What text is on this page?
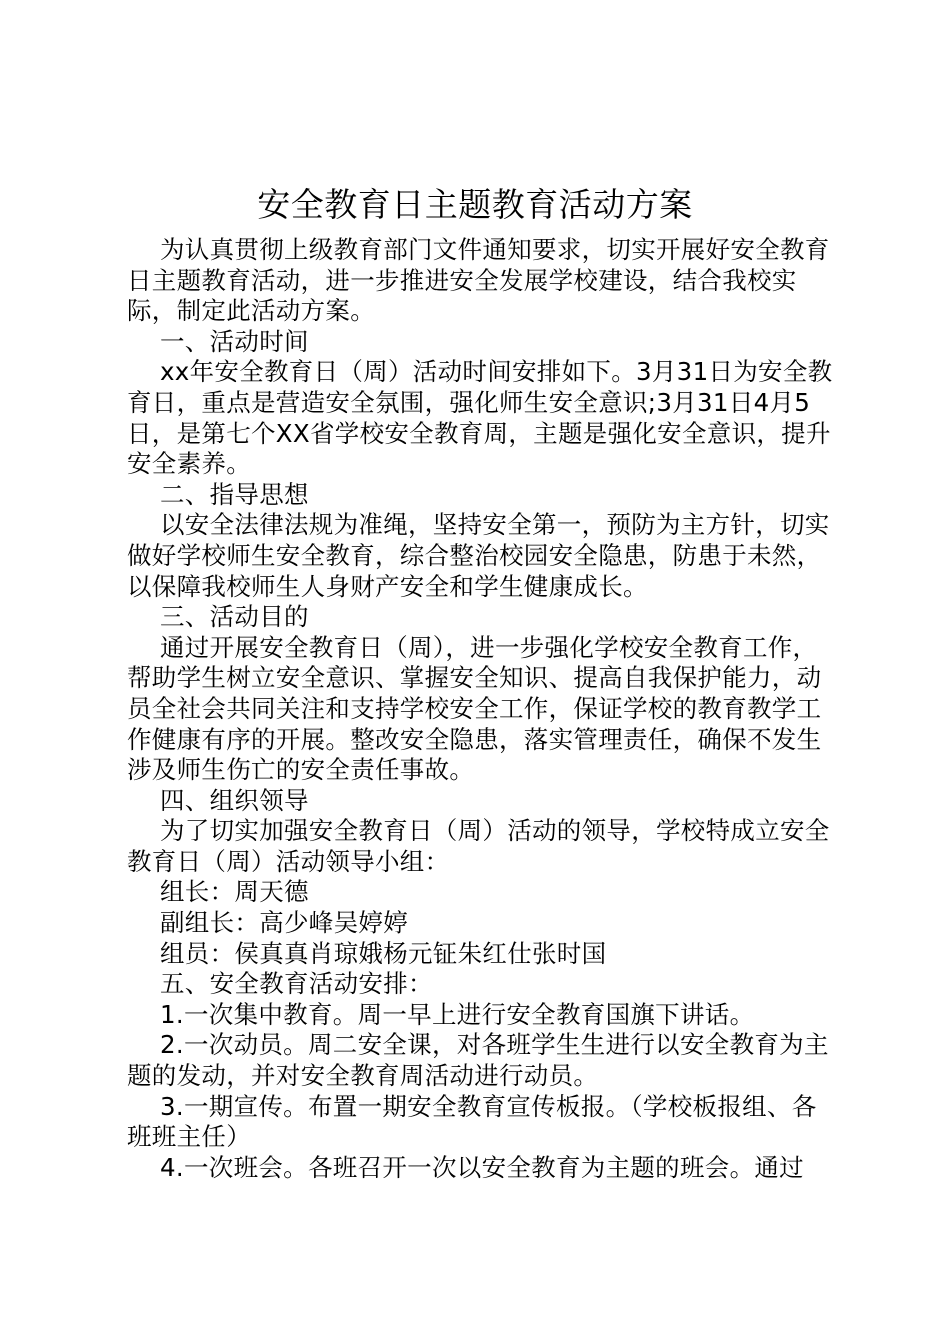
安全教育日主题教育活动方案

为认真贯彻上级教育部门文件通知要求，切实开展好安全教育日主题教育活动，进一步推进安全发展学校建设，结合我校实际，制定此活动方案。

一、活动时间

xx年安全教育日（周）活动时间安排如下。3月31日为安全教育日，重点是营造安全氛围，强化师生安全意识;3月31日4月5日，是第七个XX省学校安全教育周，主题是强化安全意识，提升安全素养。

二、指导思想

以安全法律法规为准绳，坚持安全第一，预防为主方针，切实做好学校师生安全教育，综合整治校园安全隐患，防患于未然，以保障我校师生人身财产安全和学生健康成长。

三、活动目的

通过开展安全教育日（周），进一步强化学校安全教育工作，帮助学生树立安全意识、掌握安全知识、提高自我保护能力，动员全社会共同关注和支持学校安全工作，保证学校的教育教学工作健康有序的开展。整改安全隐患，落实管理责任，确保不发生涉及师生伤亡的安全责任事故。

四、组织领导

为了切实加强安全教育日（周）活动的领导，学校特成立安全教育日（周）活动领导小组：

组长：周天德

副组长：高少峰吴婷婷

组员：侯真真肖琼娥杨元钲朱红仕张时国

五、安全教育活动安排：

1.一次集中教育。周一早上进行安全教育国旗下讲话。

2.一次动员。周二安全课，对各班学生生进行以安全教育为主题的发动，并对安全教育周活动进行动员。

3.一期宣传。布置一期安全教育宣传板报。（学校板报组、各班班主任）

4.一次班会。各班召开一次以安全教育为主题的班会。通过
